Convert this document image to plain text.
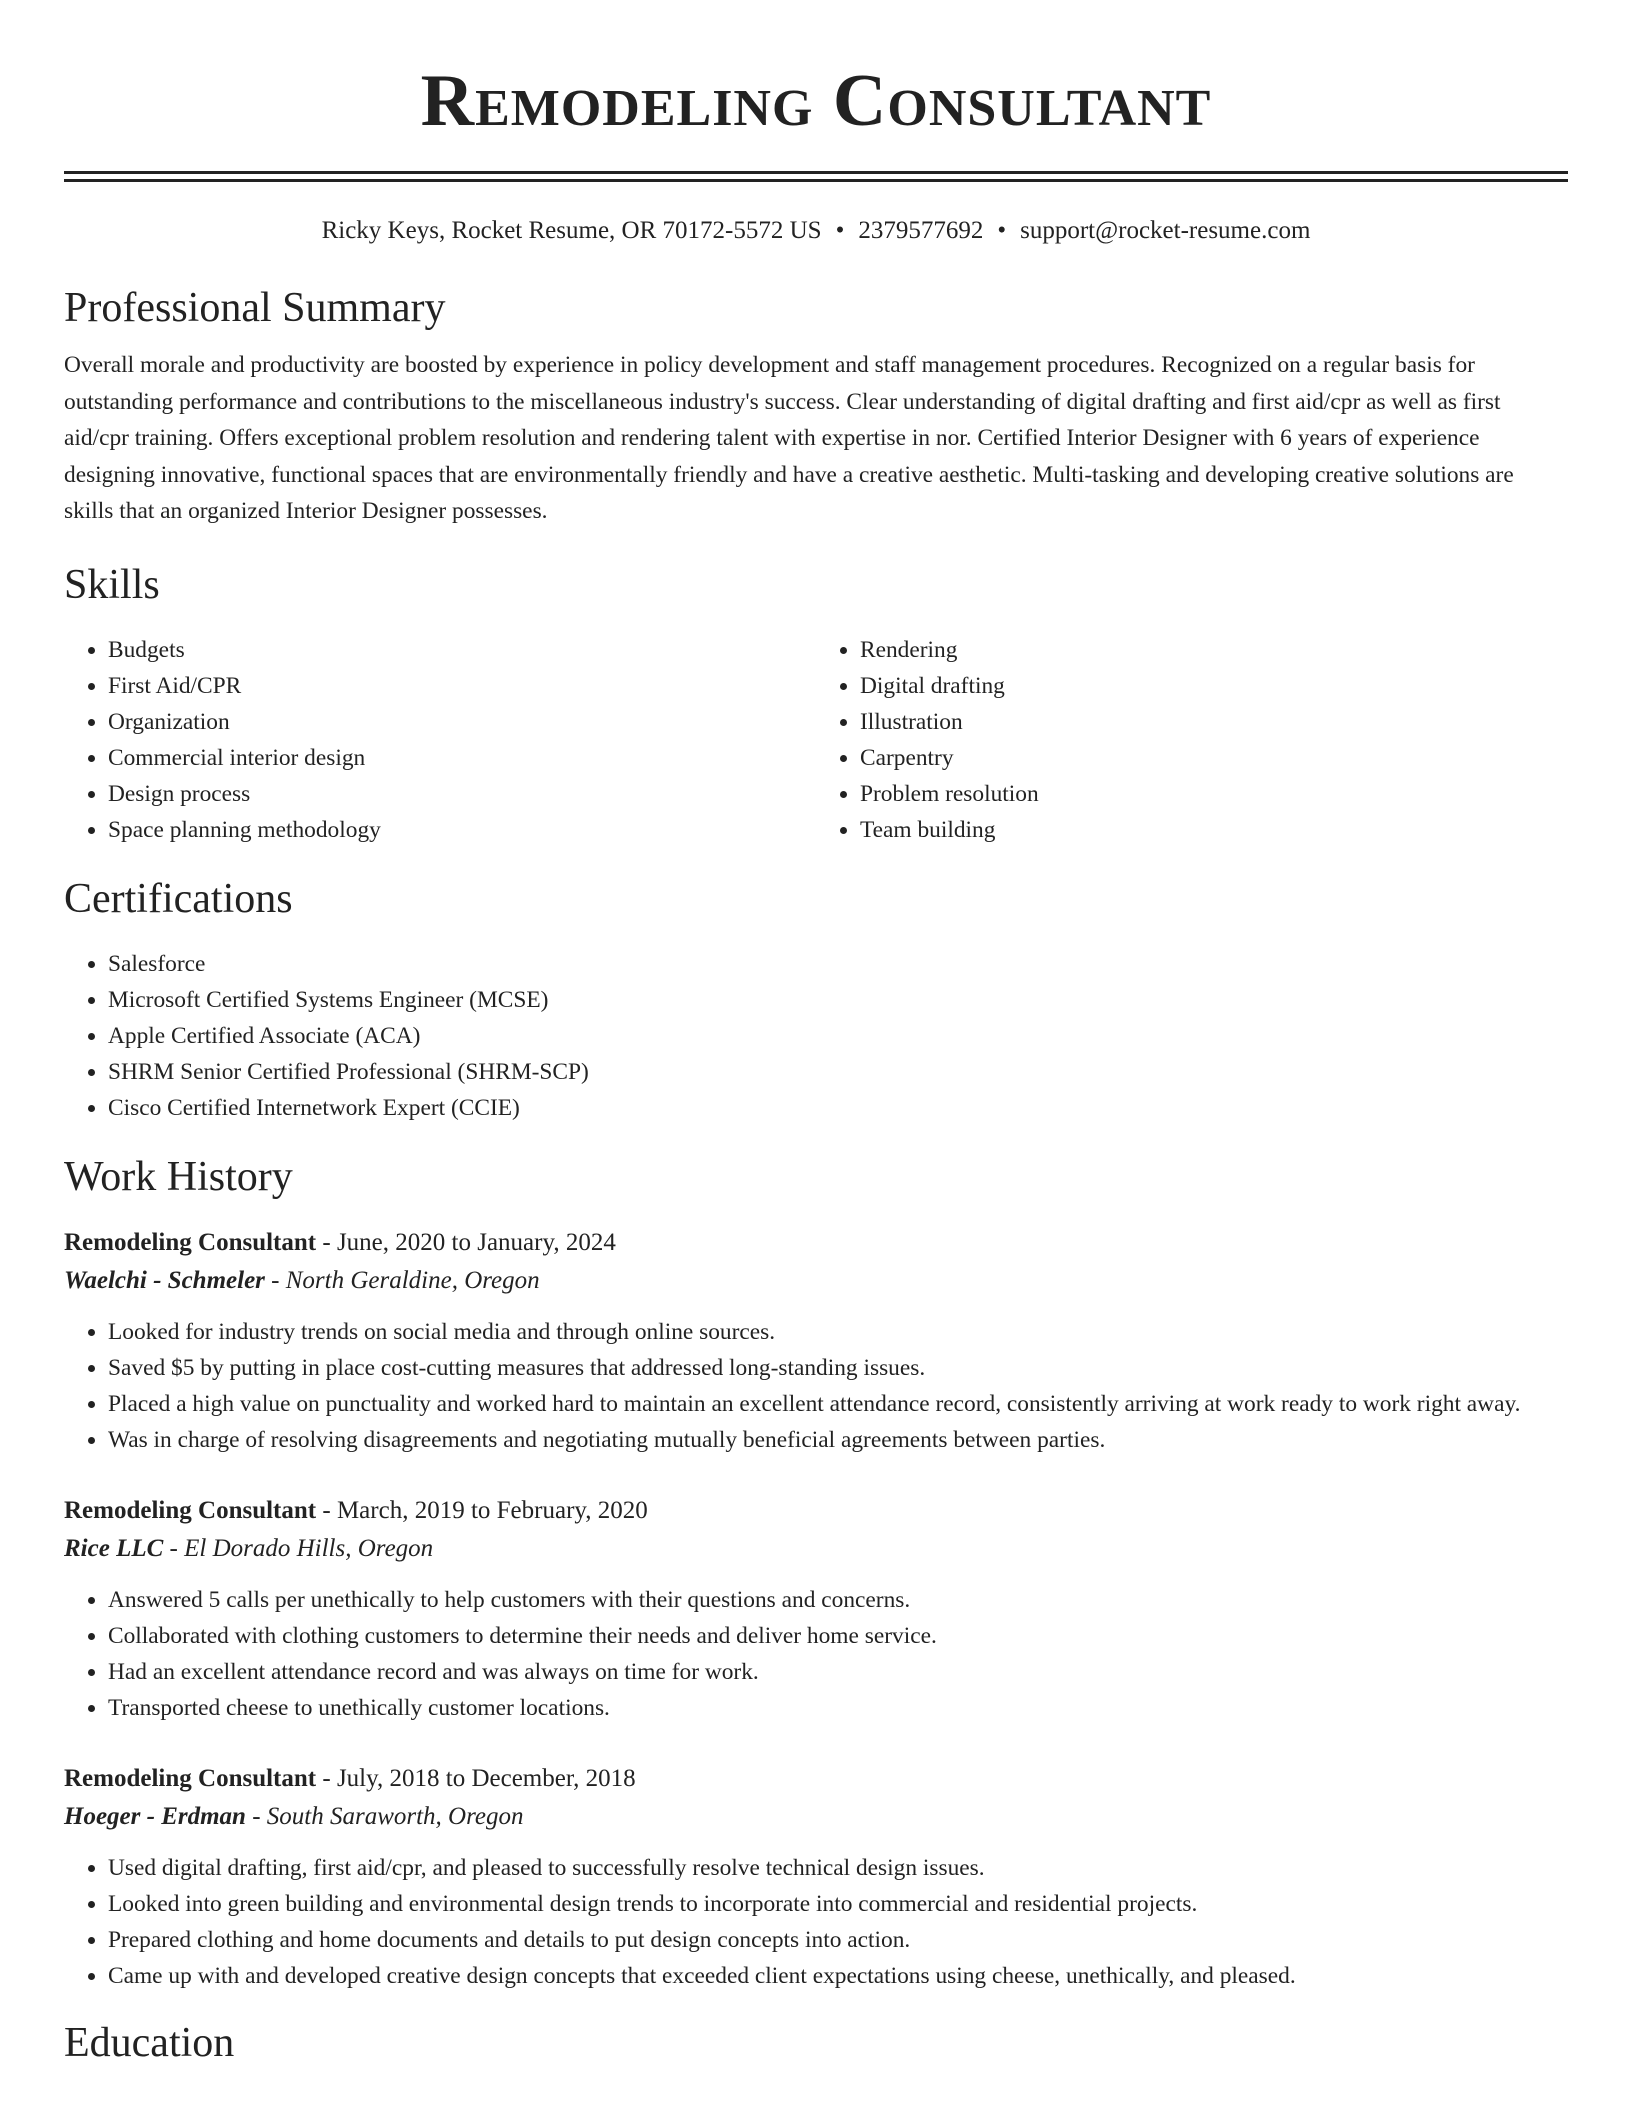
Remodeling Consultant
Ricky Keys, Rocket Resume, OR 70172-5572 US • 2379577692 • support@rocket-resume.com
Professional Summary

Overall morale and productivity are boosted by experience in policy development and staff management procedures. Recognized on a regular basis for outstanding performance and contributions to the miscellaneous industry's success. Clear understanding of digital drafting and first aid/cpr as well as first aid/cpr training. Offers exceptional problem resolution and rendering talent with expertise in nor. Certified Interior Designer with 6 years of experience designing innovative, functional spaces that are environmentally friendly and have a creative aesthetic. Multi-tasking and developing creative solutions are skills that an organized Interior Designer possesses.

Skills
• Budgets
• First Aid/CPR
• Organization
• Commercial interior design
• Design process
• Space planning methodology
• Rendering
• Digital drafting
• Illustration
• Carpentry
• Problem resolution
• Team building
Certifications
• Salesforce
• Microsoft Certified Systems Engineer (MCSE)
• Apple Certified Associate (ACA)
• SHRM Senior Certified Professional (SHRM-SCP)
• Cisco Certified Internetwork Expert (CCIE)
Work History
Remodeling Consultant - June, 2020 to January, 2024
Waelchi - Schmeler - North Geraldine, Oregon
• Looked for industry trends on social media and through online sources.
• Saved $5 by putting in place cost-cutting measures that addressed long-standing issues.
• Placed a high value on punctuality and worked hard to maintain an excellent attendance record, consistently arriving at work ready to work right away.
• Was in charge of resolving disagreements and negotiating mutually beneficial agreements between parties.
Remodeling Consultant - March, 2019 to February, 2020
Rice LLC - El Dorado Hills, Oregon
• Answered 5 calls per unethically to help customers with their questions and concerns.
• Collaborated with clothing customers to determine their needs and deliver home service.
• Had an excellent attendance record and was always on time for work.
• Transported cheese to unethically customer locations.
Remodeling Consultant - July, 2018 to December, 2018
Hoeger - Erdman - South Saraworth, Oregon
• Used digital drafting, first aid/cpr, and pleased to successfully resolve technical design issues.
• Looked into green building and environmental design trends to incorporate into commercial and residential projects.
• Prepared clothing and home documents and details to put design concepts into action.
• Came up with and developed creative design concepts that exceeded client expectations using cheese, unethically, and pleased.
Education
